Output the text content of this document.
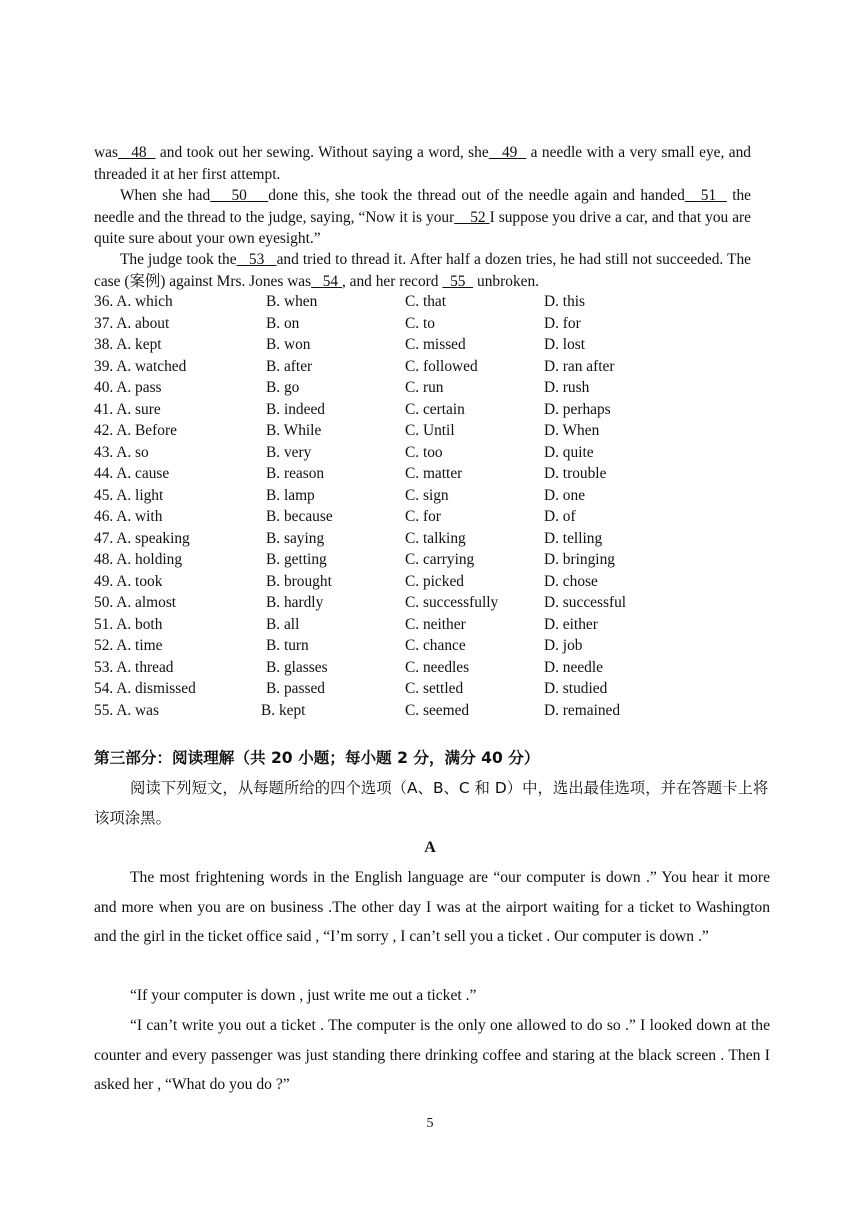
was 48 and took out her sewing. Without saying a word, she 49 a needle with a very small eye, and threaded it at her first attempt.

When she had 50 done this, she took the thread out of the needle again and handed 51 the needle and the thread to the judge, saying, “Now it is your 52 I suppose you drive a car, and that you are quite sure about your own eyesight.”

The judge took the 53 and tried to thread it. After half a dozen tries, he had still not succeeded. The case (案例) against Mrs. Jones was 54 , and her record 55 unbroken.

36. A. which	B. when	C. that	D. this
37. A. about	B. on	C. to	D. for
38. A. kept	B. won	C. missed	D. lost
39. A. watched	B. after	C. followed	D. ran after
40. A. pass	B. go	C. run	D. rush
41. A. sure	B. indeed	C. certain	D. perhaps
42. A. Before	B. While	C. Until	D. When
43. A. so	B. very	C. too	D. quite
44. A. cause	B. reason	C. matter	D. trouble
45. A. light	B. lamp	C. sign	D. one
46. A. with	B. because	C. for	D. of
47. A. speaking	B. saying	C. talking	D. telling
48. A. holding	B. getting	C. carrying	D. bringing
49. A. took	B. brought	C. picked	D. chose
50. A. almost	B. hardly	C. successfully	D. successful
51. A. both	B. all	C. neither	D. either
52. A. time	B. turn	C. chance	D. job
53. A. thread	B. glasses	C. needles	D. needle
54. A. dismissed	B. passed	C. settled	D. studied
55. A. was	B. kept	C. seemed	D. remained

第三部分：阅读理解（共 20 小题；每小题 2 分，满分 40 分）

阅读下列短文，从每题所给的四个选项（A、B、C 和 D）中，选出最佳选项，并在答题卡上将该项涂黑。

A

The most frightening words in the English language are “our computer is down .” You hear it more and more when you are on business .The other day I was at the airport waiting for a ticket to Washington and the girl in the ticket office said , “I’m sorry , I can’t sell you a ticket . Our computer is down .”

“If your computer is down , just write me out a ticket .”

“I can’t write you out a ticket . The computer is the only one allowed to do so .” I looked down at the counter and every passenger was just standing there drinking coffee and staring at the black screen . Then I asked her , “What do you do ?”

5
